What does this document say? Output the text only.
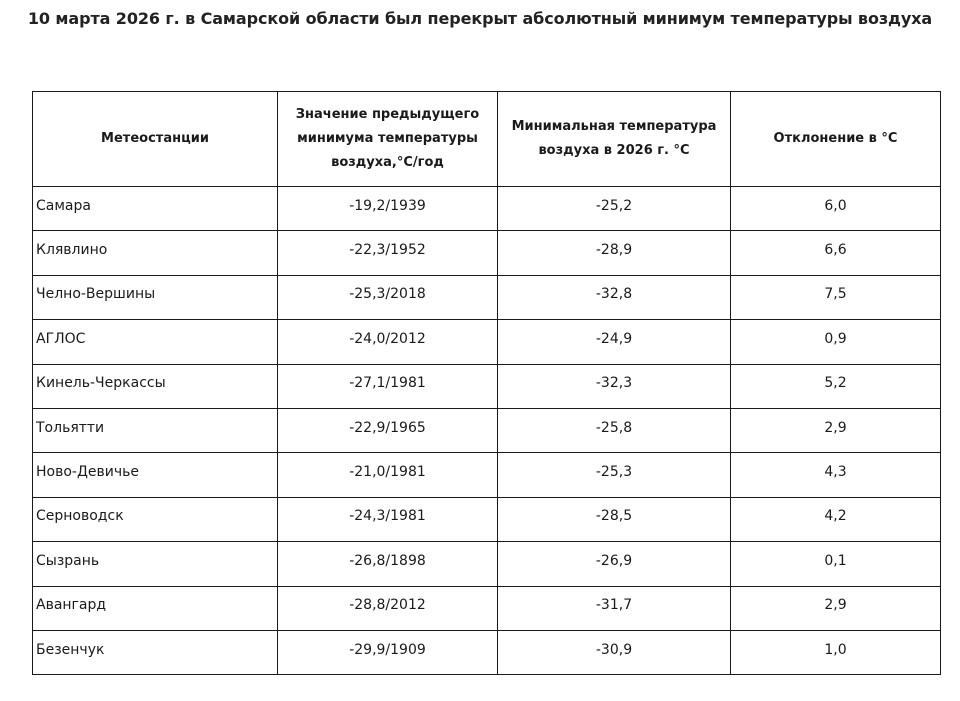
10 марта 2026 г. в Самарской области был перекрыт абсолютный минимум температуры воздуха
Метеостанции	Значение предыдущего минимума температуры воздуха,°С/год	Минимальная температура воздуха в 2026 г. °С	Отклонение в °С
Самара	-19,2/1939	-25,2	6,0
Клявлино	-22,3/1952	-28,9	6,6
Челно-Вершины	-25,3/2018	-32,8	7,5
АГЛОС	-24,0/2012	-24,9	0,9
Кинель-Черкассы	-27,1/1981	-32,3	5,2
Тольятти	-22,9/1965	-25,8	2,9
Ново-Девичье	-21,0/1981	-25,3	4,3
Серноводск	-24,3/1981	-28,5	4,2
Сызрань	-26,8/1898	-26,9	0,1
Авангард	-28,8/2012	-31,7	2,9
Безенчук	-29,9/1909	-30,9	1,0
